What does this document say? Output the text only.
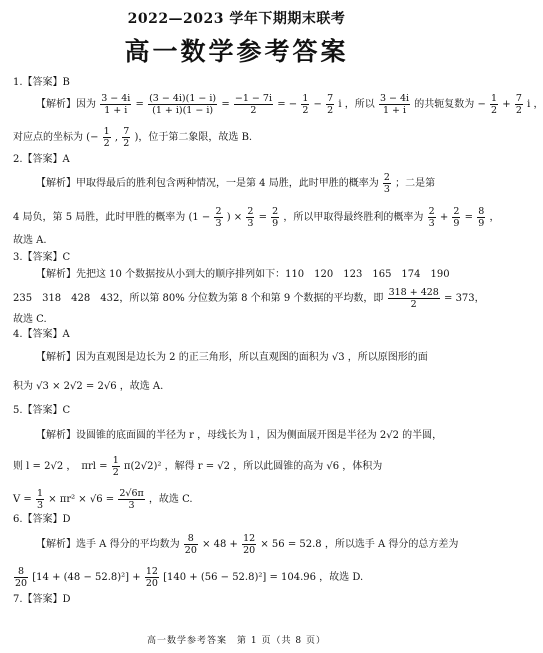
2022—2023 学年下期期末联考
高一数学参考答案
1.【答案】B
【解析】因为 $\frac{3 - 4i}{1 + i} = \frac{(3 - 4i)(1 - i)}{(1 + i)(1 - i)} = \frac{-1 - 7i}{2}$ = − $\frac{1}{2} - \frac{7}{2}$ i ，所以 $\frac{3 - 4i}{1 + i}$ 的共轭复数为 − $\frac{1}{2} + \frac{7}{2}$ i ，
对应点的坐标为 (− $\frac{1}{2}$ , $\frac{7}{2}$ )，位于第二象限，故选 B.
2.【答案】A
【解析】甲取得最后的胜利包含两种情况，一是第 4 局胜，此时甲胜的概率为 $\frac{2}{3}$ ；二是第
4 局负，第 5 局胜，此时甲胜的概率为 ($1 - \frac{2}{3}$ ) × $\frac{2}{3} = \frac{2}{9}$ ，所以甲取得最终胜利的概率为 $\frac{2}{3} + \frac{2}{9} = \frac{8}{9}$ ，
故选 A.
3.【答案】C
【解析】先把这 10 个数据按从小到大的顺序排列如下：110　120　123　165　174　190
235　318　428　432，所以第 80% 分位数为第 8 个和第 9 个数据的平均数，即 $\frac{318 + 428}{2} = 373$，
故选 C.
4.【答案】A
【解析】因为直观图是边长为 2 的正三角形，所以直观图的面积为 √3 ，所以原图形的面
积为 √3 × 2√2 = 2√6 ，故选 A.
5.【答案】C
【解析】设圆锥的底面圆的半径为 r ，母线长为 l ，因为侧面展开图是半径为 2√2 的半圆，
则 l = 2√2 ，　$\pi rl = \frac{1}{2} \pi(2√2)^2$ ，解得 r = √2 ，所以此圆锥的高为 √6 ，体积为
$V = \frac{1}{3} \times \pi r^2 \times √6 = \frac{2√6\pi}{3}$ ，故选 C.
6.【答案】D
【解析】选手 A 得分的平均数为 $\frac{8}{20} \times 48 + \frac{12}{20} \times 56 = 52.8$ ，所以选手 A 得分的总方差为
$\frac{8}{20} [14 + (48 - 52.8)^2] + \frac{12}{20} [140 + (56 - 52.8)^2] = 104.96$ ，故选 D.
7.【答案】D
高一数学参考答案　第 1 页（共 8 页）
